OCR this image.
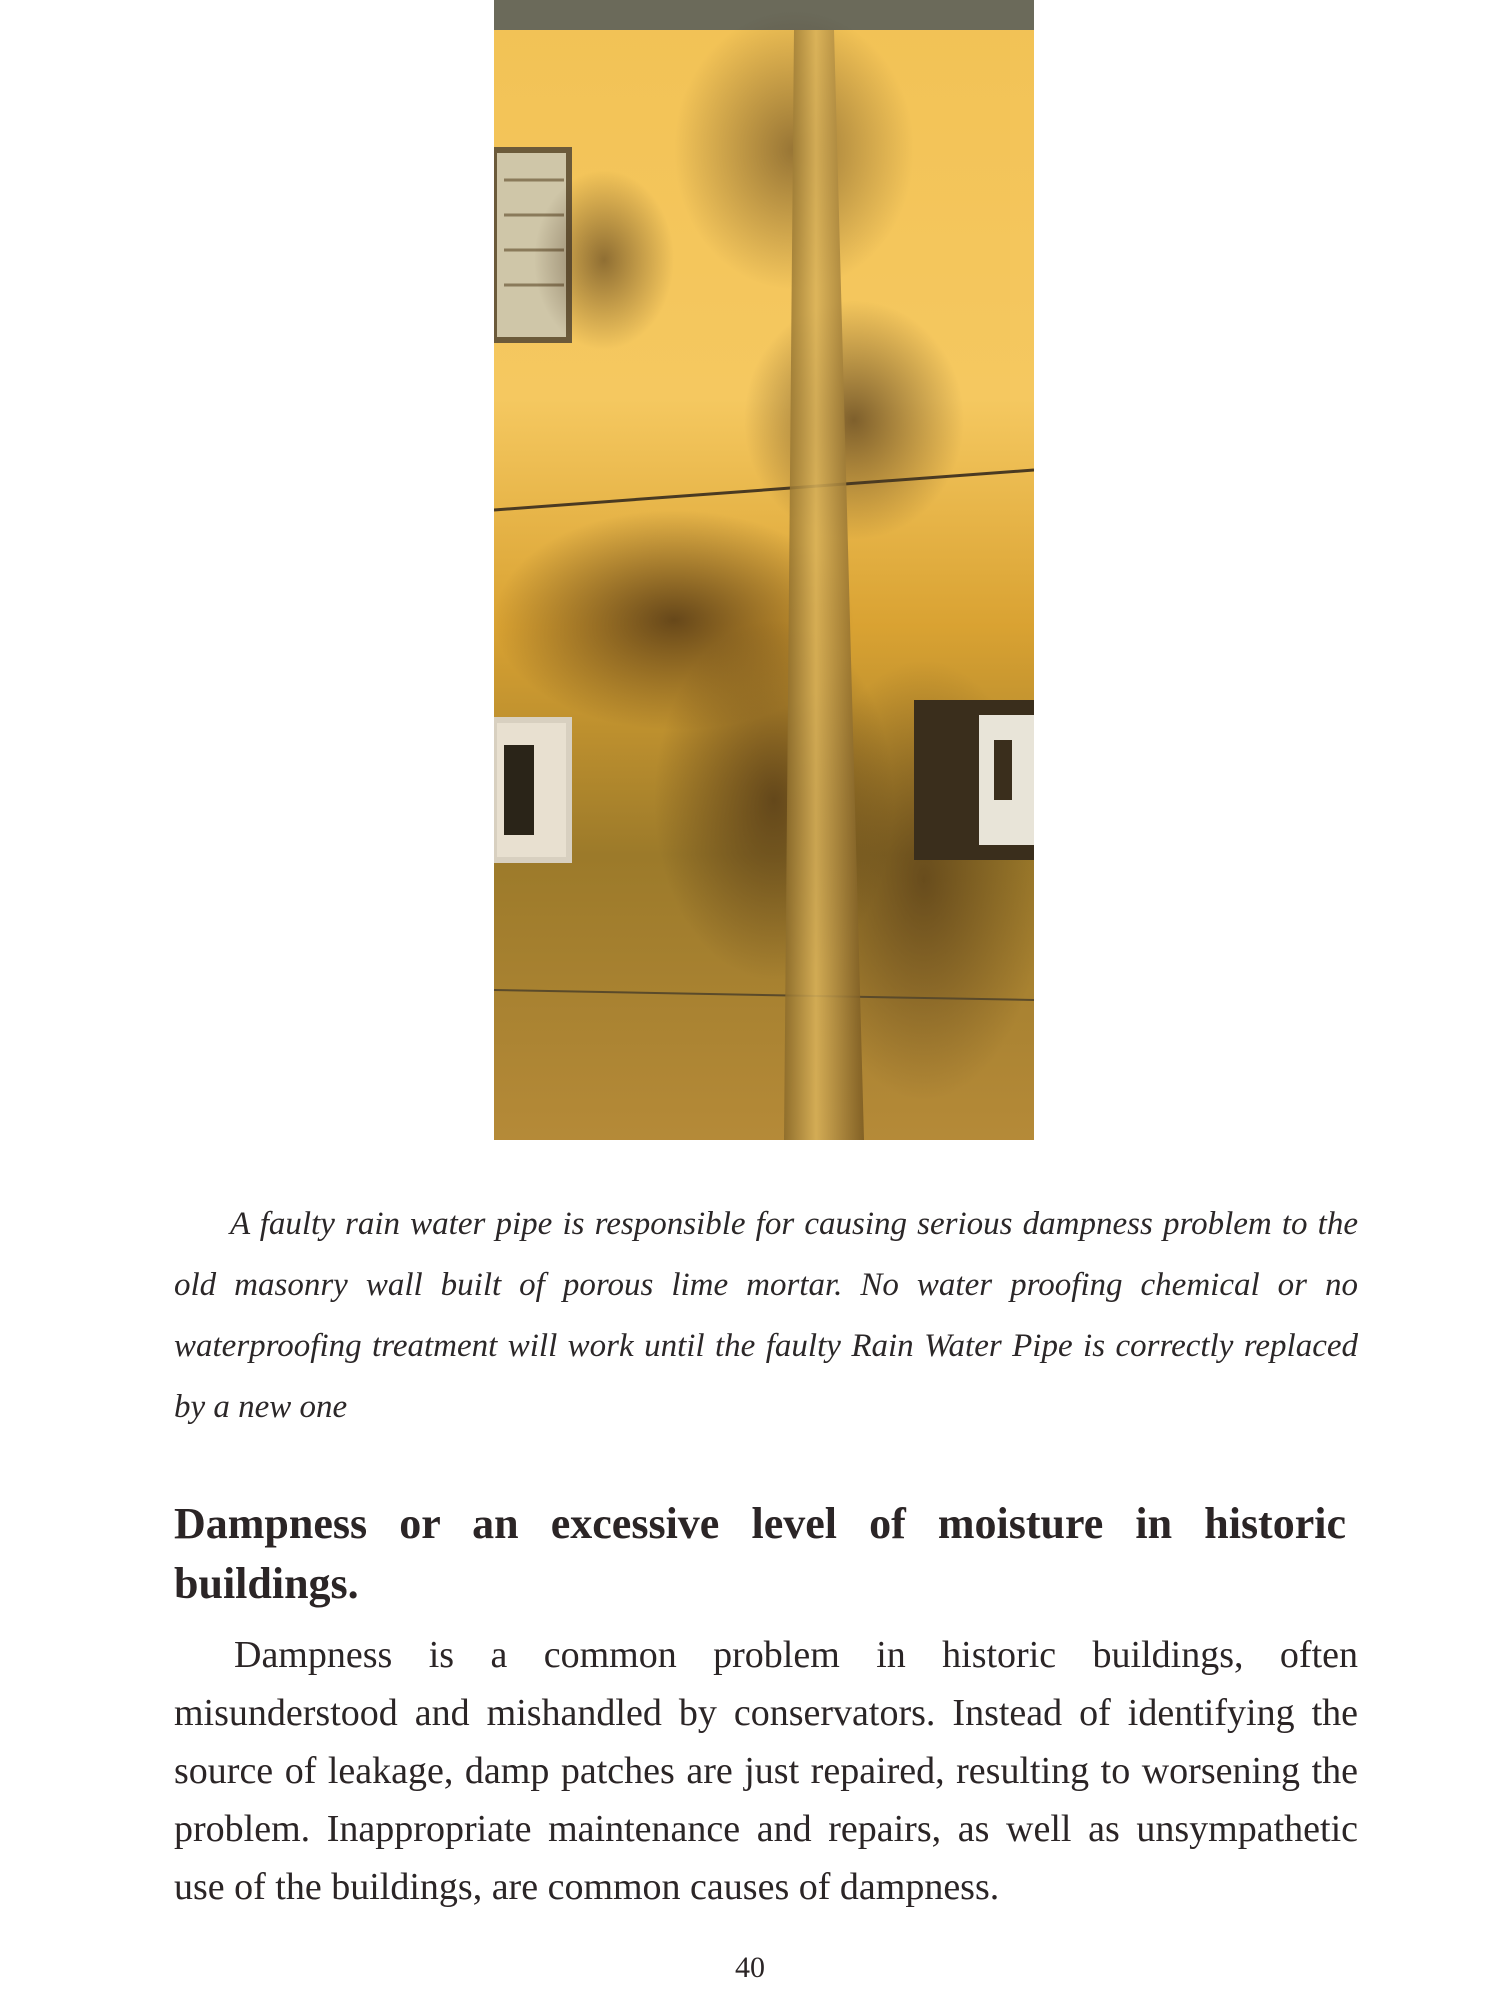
A faulty rain water pipe is responsible for causing serious dampness problem to the old masonry wall built of porous lime mortar. No water proofing chemical or no waterproofing treatment will work until the faulty Rain Water Pipe is correctly replaced by a new one

Dampness or an excessive level of moisture in historic buildings.

Dampness is a common problem in historic buildings, often misunderstood and mishandled by conservators. Instead of identifying the source of leakage, damp patches are just repaired, resulting to worsening the problem. Inappropriate maintenance and repairs, as well as unsympathetic use of the buildings, are common causes of dampness.

40
